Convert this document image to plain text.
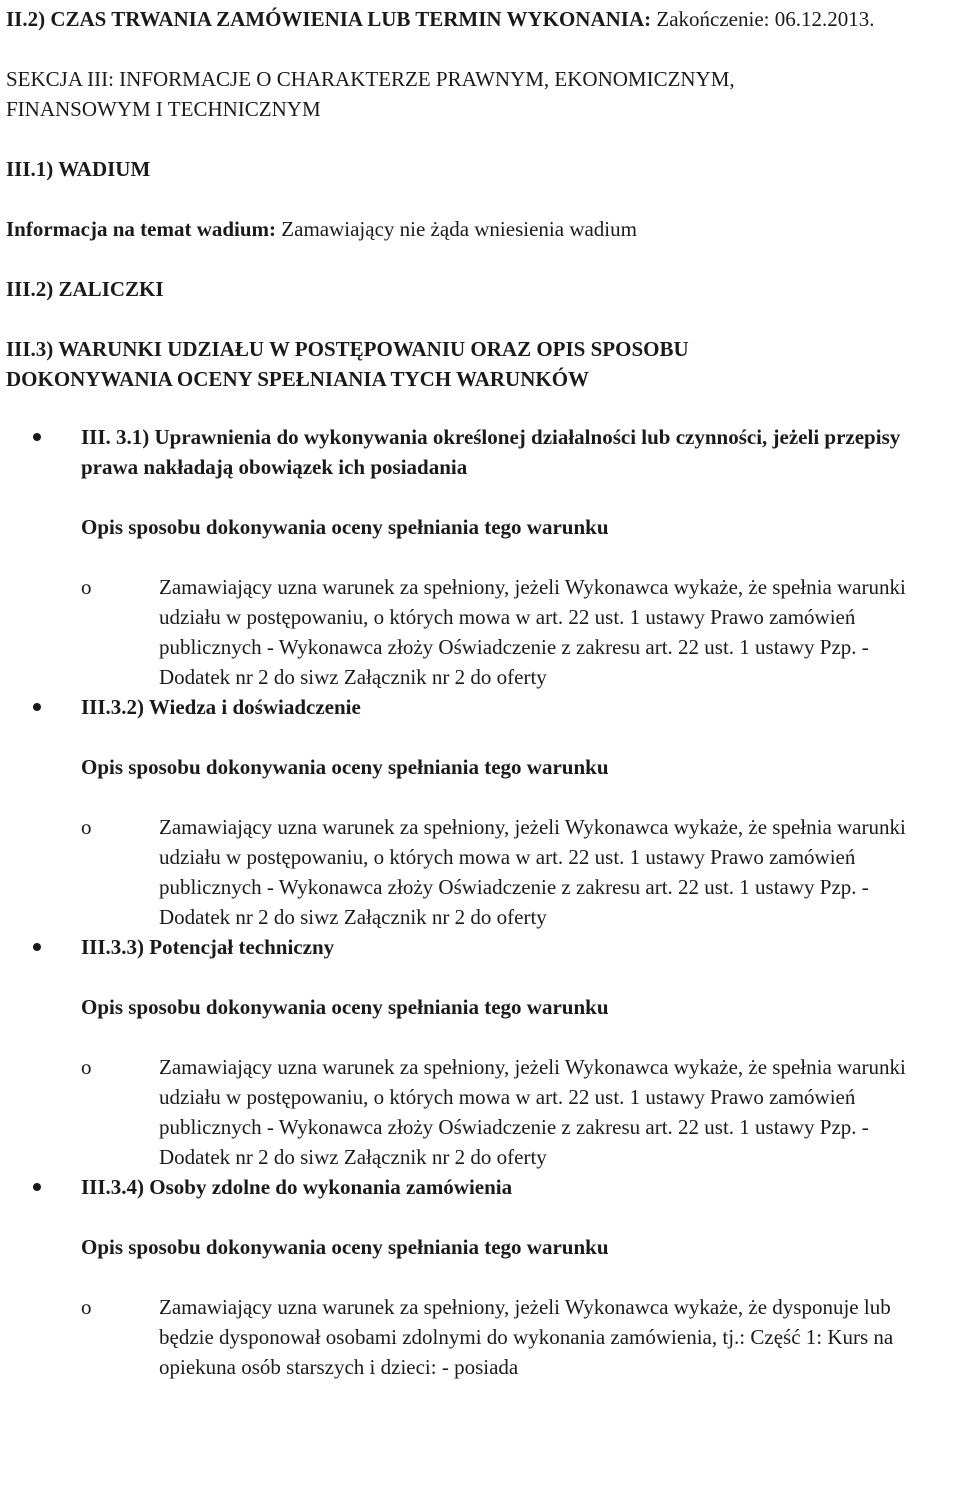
II.2) CZAS TRWANIA ZAMÓWIENIA LUB TERMIN WYKONANIA: Zakończenie: 06.12.2013.

SEKCJA III: INFORMACJE O CHARAKTERZE PRAWNYM, EKONOMICZNYM,

FINANSOWYM I TECHNICZNYM

III.1) WADIUM

Informacja na temat wadium: Zamawiający nie żąda wniesienia wadium

III.2) ZALICZKI

III.3) WARUNKI UDZIAŁU W POSTĘPOWANIU ORAZ OPIS SPOSOBU

DOKONYWANIA OCENY SPEŁNIANIA TYCH WARUNKÓW

III. 3.1) Uprawnienia do wykonywania określonej działalności lub czynności, jeżeli przepisy prawa nakładają obowiązek ich posiadania

Opis sposobu dokonywania oceny spełniania tego warunku

o	Zamawiający uzna warunek za spełniony, jeżeli Wykonawca wykaże, że spełnia warunki udziału w postępowaniu, o których mowa w art. 22 ust. 1 ustawy Prawo zamówień publicznych - Wykonawca złoży Oświadczenie z zakresu art. 22 ust. 1 ustawy Pzp. - Dodatek nr 2 do siwz Załącznik nr 2 do oferty
III.3.2) Wiedza i doświadczenie

Opis sposobu dokonywania oceny spełniania tego warunku

o	Zamawiający uzna warunek za spełniony, jeżeli Wykonawca wykaże, że spełnia warunki udziału w postępowaniu, o których mowa w art. 22 ust. 1 ustawy Prawo zamówień publicznych - Wykonawca złoży Oświadczenie z zakresu art. 22 ust. 1 ustawy Pzp. - Dodatek nr 2 do siwz Załącznik nr 2 do oferty
III.3.3) Potencjał techniczny

Opis sposobu dokonywania oceny spełniania tego warunku

o	Zamawiający uzna warunek za spełniony, jeżeli Wykonawca wykaże, że spełnia warunki udziału w postępowaniu, o których mowa w art. 22 ust. 1 ustawy Prawo zamówień publicznych - Wykonawca złoży Oświadczenie z zakresu art. 22 ust. 1 ustawy Pzp. - Dodatek nr 2 do siwz Załącznik nr 2 do oferty
III.3.4) Osoby zdolne do wykonania zamówienia

Opis sposobu dokonywania oceny spełniania tego warunku

o	Zamawiający uzna warunek za spełniony, jeżeli Wykonawca wykaże, że dysponuje lub będzie dysponował osobami zdolnymi do wykonania zamówienia, tj.: Część 1: Kurs na opiekuna osób starszych i dzieci: - posiada
